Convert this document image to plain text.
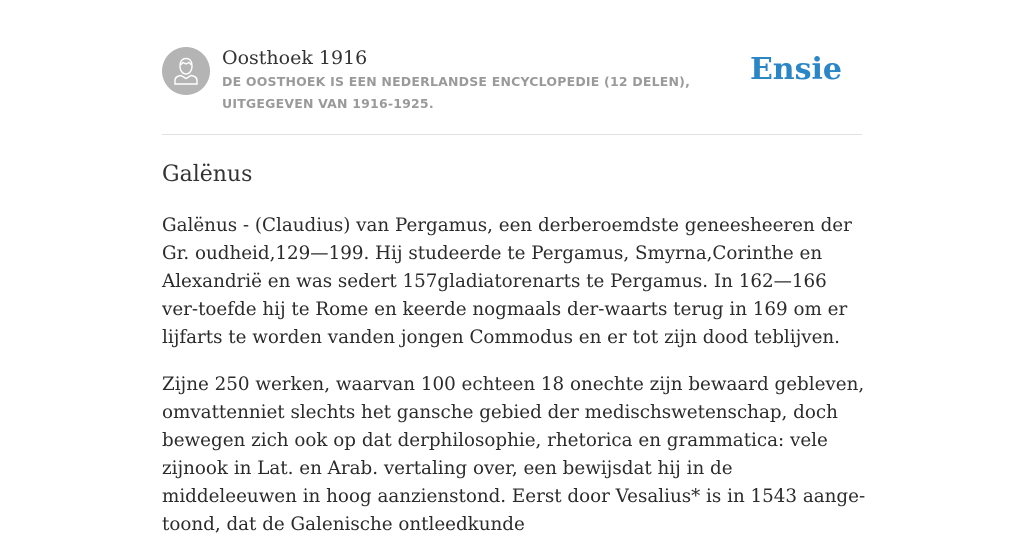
Oosthoek 1916
DE OOSTHOEK IS EEN NEDERLANDSE ENCYCLOPEDIE (12 DELEN), UITGEGEVEN VAN 1916-1925.
Ensie
Galënus

Galënus - (Claudius) van Pergamus, een derberoemdste geneesheeren der Gr. oudheid,129—199. Hij studeerde te Pergamus, Smyrna,Corinthe en Alexandrië en was sedert 157gladiatorenarts te Pergamus. In 162—166 ver-toefde hij te Rome en keerde nogmaals der-waarts terug in 169 om er lijfarts te worden vanden jongen Commodus en er tot zijn dood teblijven.

Zijne 250 werken, waarvan 100 echteen 18 onechte zijn bewaard gebleven, omvattenniet slechts het gansche gebied der medischswetenschap, doch bewegen zich ook op dat derphilosophie, rhetorica en grammatica: vele zijnook in Lat. en Arab. vertaling over, een bewijsdat hij in de middeleeuwen in hoog aanzienstond. Eerst door Vesalius* is in 1543 aange-toond, dat de Galenische ontleedkunde
